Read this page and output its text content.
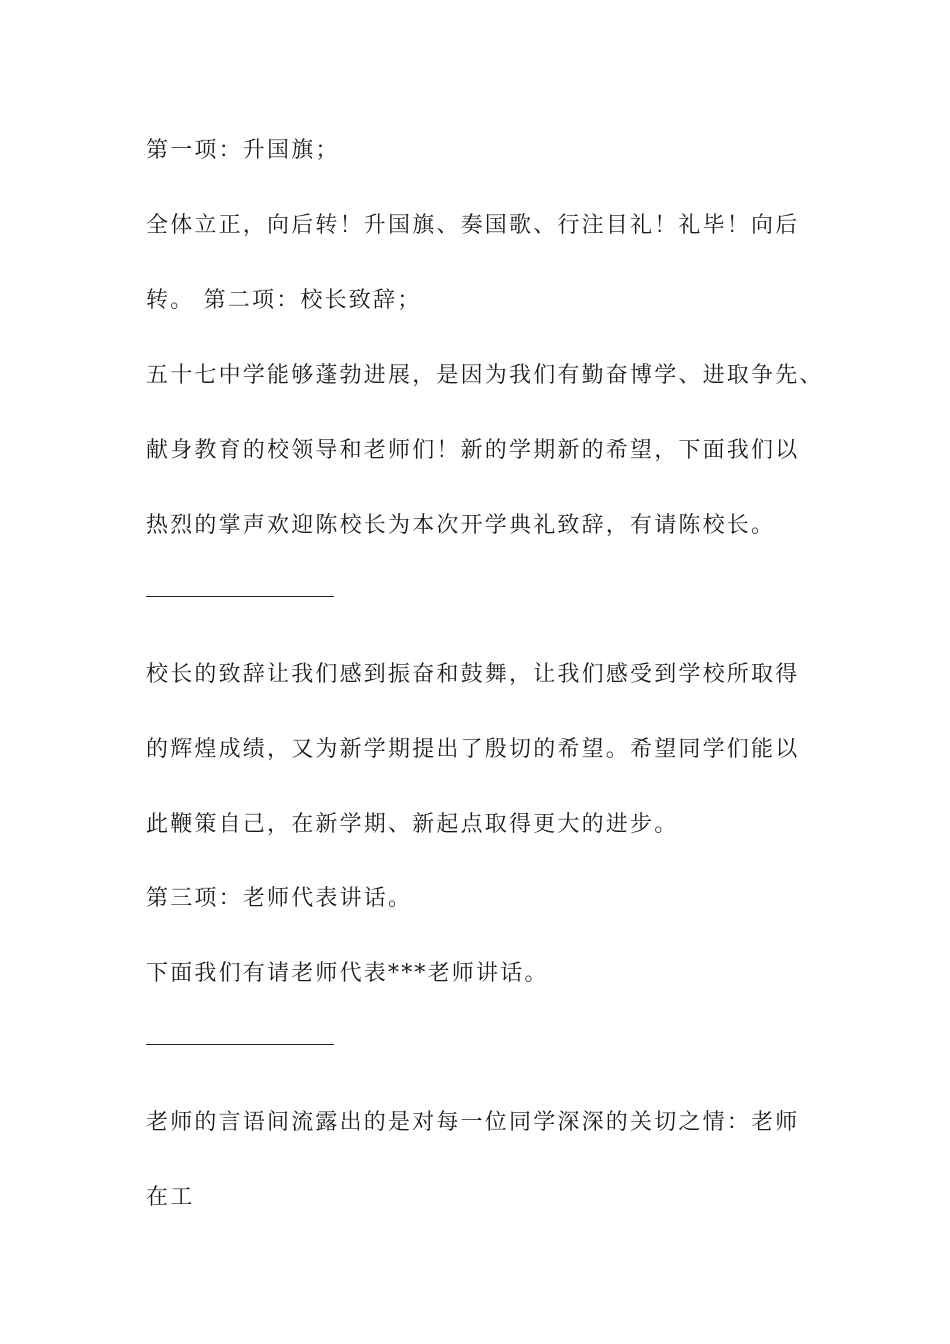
第一项：升国旗；
全体立正，向后转！升国旗、奏国歌、行注目礼！礼毕！向后
转。 第二项：校长致辞；
五十七中学能够蓬勃进展，是因为我们有勤奋博学、进取争先、
献身教育的校领导和老师们！新的学期新的希望，下面我们以
热烈的掌声欢迎陈校长为本次开学典礼致辞，有请陈校长。
校长的致辞让我们感到振奋和鼓舞，让我们感受到学校所取得
的辉煌成绩，又为新学期提出了殷切的希望。希望同学们能以
此鞭策自己，在新学期、新起点取得更大的进步。
第三项：老师代表讲话。
下面我们有请老师代表***老师讲话。
老师的言语间流露出的是对每一位同学深深的关切之情：老师
在工
